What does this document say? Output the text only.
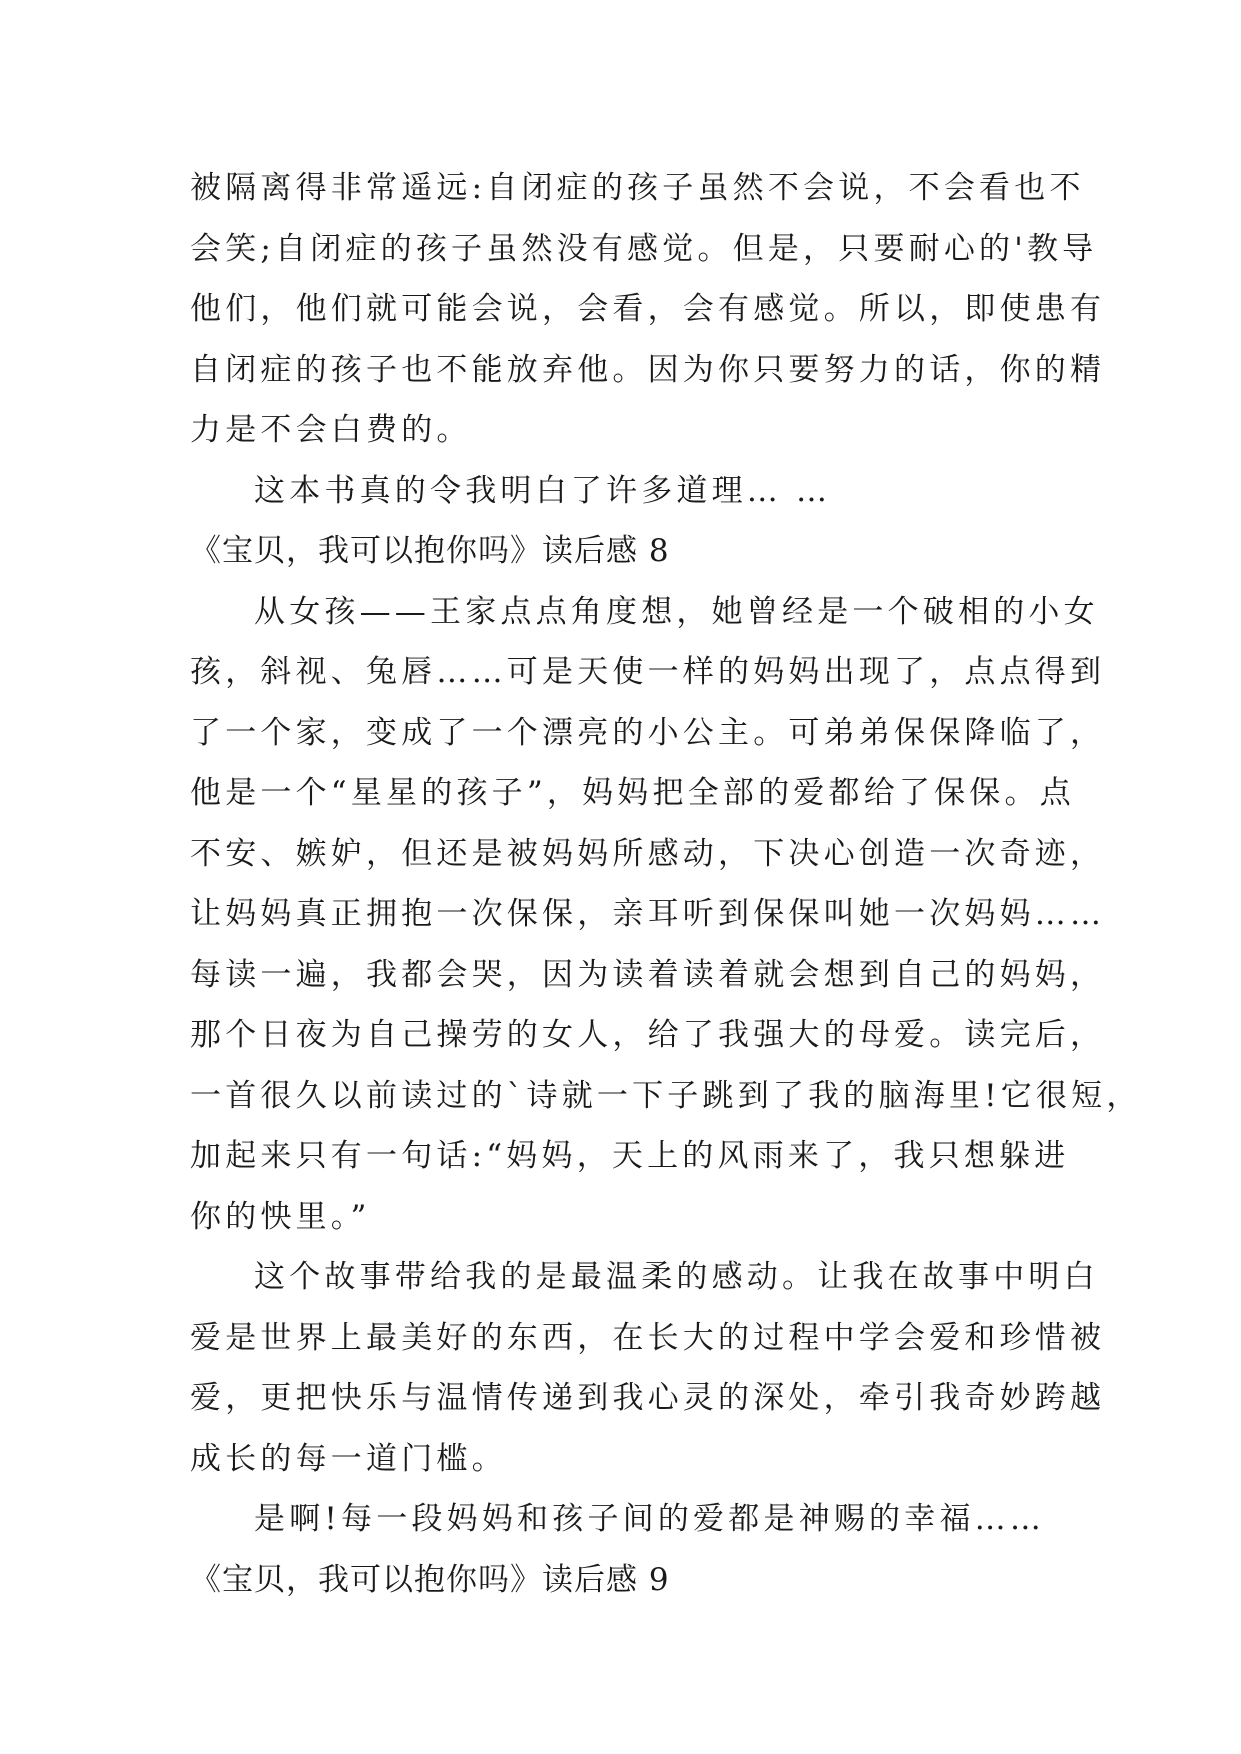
被隔离得非常遥远:自闭症的孩子虽然不会说，不会看也不
会笑;自闭症的孩子虽然没有感觉。但是，只要耐心的'教导
他们，他们就可能会说，会看，会有感觉。所以，即使患有
自闭症的孩子也不能放弃他。因为你只要努力的话，你的精
力是不会白费的。
这本书真的令我明白了许多道理… …
《宝贝，我可以抱你吗》读后感 8
从女孩——王家点点角度想，她曾经是一个破相的小女
孩，斜视、兔唇……可是天使一样的妈妈出现了，点点得到
了一个家，变成了一个漂亮的小公主。可弟弟保保降临了，
他是一个“星星的孩子”，妈妈把全部的爱都给了保保。点
不安、嫉妒，但还是被妈妈所感动，下决心创造一次奇迹，
让妈妈真正拥抱一次保保，亲耳听到保保叫她一次妈妈……
每读一遍，我都会哭，因为读着读着就会想到自己的妈妈，
那个日夜为自己操劳的女人，给了我强大的母爱。读完后，
一首很久以前读过的`诗就一下子跳到了我的脑海里!它很短，
加起来只有一句话:“妈妈，天上的风雨来了，我只想躲进
你的怏里。”
这个故事带给我的是最温柔的感动。让我在故事中明白
爱是世界上最美好的东西，在长大的过程中学会爱和珍惜被
爱，更把快乐与温情传递到我心灵的深处，牵引我奇妙跨越
成长的每一道门槛。
是啊!每一段妈妈和孩子间的爱都是神赐的幸福……
《宝贝，我可以抱你吗》读后感 9
